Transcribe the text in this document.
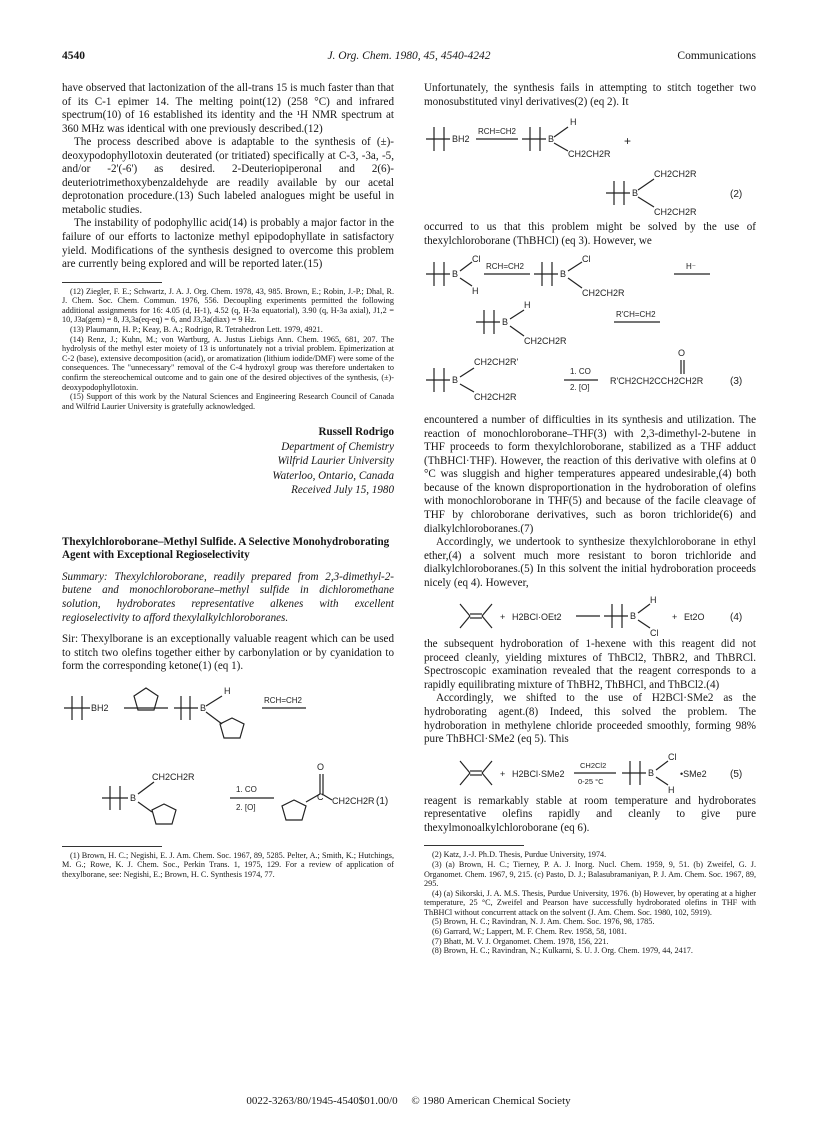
4540	J. Org. Chem. 1980, 45, 4540-4242	Communications

have observed that lactonization of the all-trans 15 is much faster than that of its C-1 epimer 14. The melting point(12) (258 °C) and infrared spectrum(10) of 16 established its identity and the ¹H NMR spectrum at 360 MHz was identical with one previously described.(12)

The process described above is adaptable to the synthesis of (±)-deoxypodophyllotoxin deuterated (or tritiated) specifically at C-3, -3a, -5, and/or -2'(-6') as desired. 2-Deuteriopiperonal and 2(6)-deuteriotrimethoxybenzaldehyde are readily available by our acetal deprotonation procedure.(13) Such labeled analogues might be useful in metabolic studies.

The instability of podophyllic acid(14) is probably a major factor in the failure of our efforts to lactonize methyl epipodophyllate in satisfactory yield. Modifications of the synthesis designed to overcome this problem are currently being explored and will be reported later.(15)

(12) Ziegler, F. E.; Schwartz, J. A. J. Org. Chem. 1978, 43, 985. Brown, E.; Robin, J.-P.; Dhal, R. J. Chem. Soc. Chem. Commun. 1976, 556. Decoupling experiments permitted the following additional assignments for 16: 4.05 (d, H-1), 4.52 (q, H-3a equatorial), 3.90 (q, H-3a axial), J1,2 = 10, J3a(gem) = 8, J3,3a(eq-eq) = 6, and J3,3a(diax) = 9 Hz.

(13) Plaumann, H. P.; Keay, B. A.; Rodrigo, R. Tetrahedron Lett. 1979, 4921.

(14) Renz, J.; Kuhn, M.; von Wartburg, A. Justus Liebigs Ann. Chem. 1965, 681, 207. The hydrolysis of the methyl ester moiety of 13 is unfortunately not a trivial problem. Epimerization at C-2 (base), extensive decomposition (acid), or aromatization (lithium iodide/DMF) were some of the consequences. The "unnecessary" removal of the C-4 hydroxyl group was therefore undertaken to confirm the stereochemical outcome and to gain one of the desired objectives of the synthesis, (±)-deoxypodophyllotoxin.

(15) Support of this work by the Natural Sciences and Engineering Research Council of Canada and Wilfrid Laurier University is gratefully acknowledged.

Russell Rodrigo
Department of Chemistry
Wilfrid Laurier University
Waterloo, Ontario, Canada
Received July 15, 1980

Thexylchloroborane–Methyl Sulfide. A Selective Monohydroborating Agent with Exceptional Regioselectivity

Summary: Thexylchloroborane, readily prepared from 2,3-dimethyl-2-butene and monochloroborane–methyl sulfide in dichloromethane solution, hydroborates representative alkenes with excellent regioselectivity to afford thexylalkylchloroboranes.

Sir: Thexylborane is an exceptionally valuable reagent which can be used to stitch two olefins together either by carbonylation or by cyanidation to form the corresponding ketone(1) (eq 1).

BH2	B
H
RCH=CH2
B
CH2CH2R
1. CO
2. [O]
O
C CH2CH2R (1)

(1) Brown, H. C.; Negishi, E. J. Am. Chem. Soc. 1967, 89, 5285. Pelter, A.; Smith, K.; Hutchings, M. G.; Rowe, K. J. Chem. Soc., Perkin Trans. 1, 1975, 129. For a review of application of thexylborane, see: Negishi, E.; Brown, H. C. Synthesis 1974, 77.

Unfortunately, the synthesis fails in attempting to stitch together two monosubstituted vinyl derivatives(2) (eq 2). It

BH2
RCH=CH2
B
H
CH2CH2R
+
B
CH2CH2R
CH2CH2R
(2)

occurred to us that this problem might be solved by the use of thexylchloroborane (ThBHCl) (eq 3). However, we

B
Cl
H
RCH=CH2
B
Cl
CH2CH2R
H⁻
B
H
CH2CH2R
R'CH=CH2
B
CH2CH2R'
CH2CH2R
1. CO
2. [O]
O
R'CH2CH2CCH2CH2R	(3)

encountered a number of difficulties in its synthesis and utilization. The reaction of monochloroborane–THF(3) with 2,3-dimethyl-2-butene in THF proceeds to form thexylchloroborane, stabilized as a THF adduct (ThBHCl·THF). However, the reaction of this derivative with olefins at 0 °C was sluggish and higher temperatures appeared undesirable,(4) both because of the known disproportionation in the hydroboration of olefins with monochloroborane in THF(5) and because of the facile cleavage of THF by chloroborane derivatives, such as boron trichloride(6) and dialkylchloroboranes.(7)

Accordingly, we undertook to synthesize thexylchloroborane in ethyl ether,(4) a solvent much more resistant to boron trichloride and dialkylchloroboranes.(5) In this solvent the initial hydroboration proceeds nicely (eq 4). However,

+ H2BCl·OEt2	B
H
Cl
+ Et2O	(4)

the subsequent hydroboration of 1-hexene with this reagent did not proceed cleanly, yielding mixtures of ThBCl2, ThBR2, and ThBRCl. Spectroscopic examination revealed that the reagent corresponds to a rapidly equilibrating mixture of ThBH2, ThBHCl, and ThBCl2.(4)

Accordingly, we shifted to the use of H2BCl·SMe2 as the hydroborating agent.(8) Indeed, this solved the problem. The hydroboration in methylene chloride proceeded smoothly, forming 98% pure ThBHCl·SMe2 (eq 5). This

+ H2BCl·SMe2
CH2Cl2
0-25 °C
B
Cl
H
•SMe2 (5)

reagent is remarkably stable at room temperature and hydroborates representative olefins rapidly and cleanly to give pure thexylmonoalkylchloroborane (eq 6).

(2) Katz, J.-J. Ph.D. Thesis, Purdue University, 1974.

(3) (a) Brown, H. C.; Tierney, P. A. J. Inorg. Nucl. Chem. 1959, 9, 51. (b) Zweifel, G. J. Organomet. Chem. 1967, 9, 215. (c) Pasto, D. J.; Balasubramaniyan, P. J. Am. Chem. Soc. 1967, 89, 295.

(4) (a) Sikorski, J. A. M.S. Thesis, Purdue University, 1976. (b) However, by operating at a higher temperature, 25 °C, Zweifel and Pearson have successfully hydroborated olefins in THF with ThBHCl without concurrent attack on the solvent (J. Am. Chem. Soc. 1980, 102, 5919).

(5) Brown, H. C.; Ravindran, N. J. Am. Chem. Soc. 1976, 98, 1785.

(6) Garrard, W.; Lappert, M. F. Chem. Rev. 1958, 58, 1081.

(7) Bhatt, M. V. J. Organomet. Chem. 1978, 156, 221.

(8) Brown, H. C.; Ravindran, N.; Kulkarni, S. U. J. Org. Chem. 1979, 44, 2417.

0022-3263/80/1945-4540$01.00/0 © 1980 American Chemical Society
